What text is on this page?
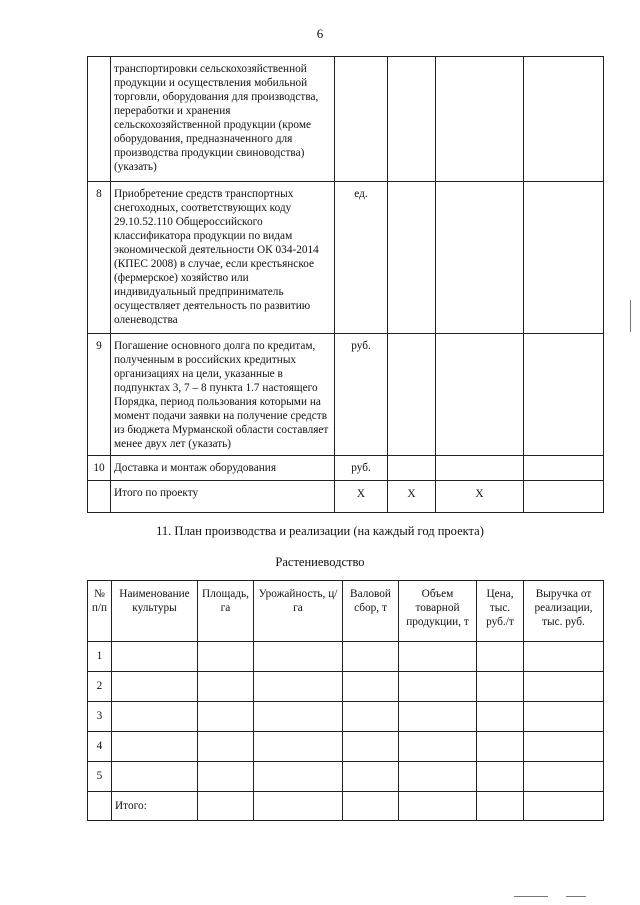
6
	транспортировки сельскохозяйственной продукции и осуществления мобильной торговли, оборудования для производства, переработки и хранения сельскохозяйственной продукции (кроме оборудования, предназначенного для производства продукции свиноводства) (указать)				
8	Приобретение средств транспортных снегоходных, соответствующих коду 29.10.52.110 Общероссийского классификатора продукции по видам экономической деятельности ОК 034-2014 (КПЕС 2008) в случае, если крестьянское (фермерское) хозяйство или индивидуальный предприниматель осуществляет деятельность по развитию оленеводства	ед.			
9	Погашение основного долга по кредитам, полученным в российских кредитных организациях на цели, указанные в подпунктах 3, 7 – 8 пункта 1.7 настоящего Порядка, период пользования которыми на момент подачи заявки на получение средств из бюджета Мурманской области составляет менее двух лет (указать)	руб.			
10	Доставка и монтаж оборудования	руб.			
	Итого по проекту	Х	Х	Х	
11. План производства и реализации (на каждый год проекта)
Растениеводство
№ п/п	Наименование культуры	Площадь, га	Урожайность, ц/га	Валовой сбор, т	Объем товарной продукции, т	Цена, тыс. руб./т	Выручка от реализации, тыс. руб.
1							
2							
3							
4							
5							
	Итого:						
